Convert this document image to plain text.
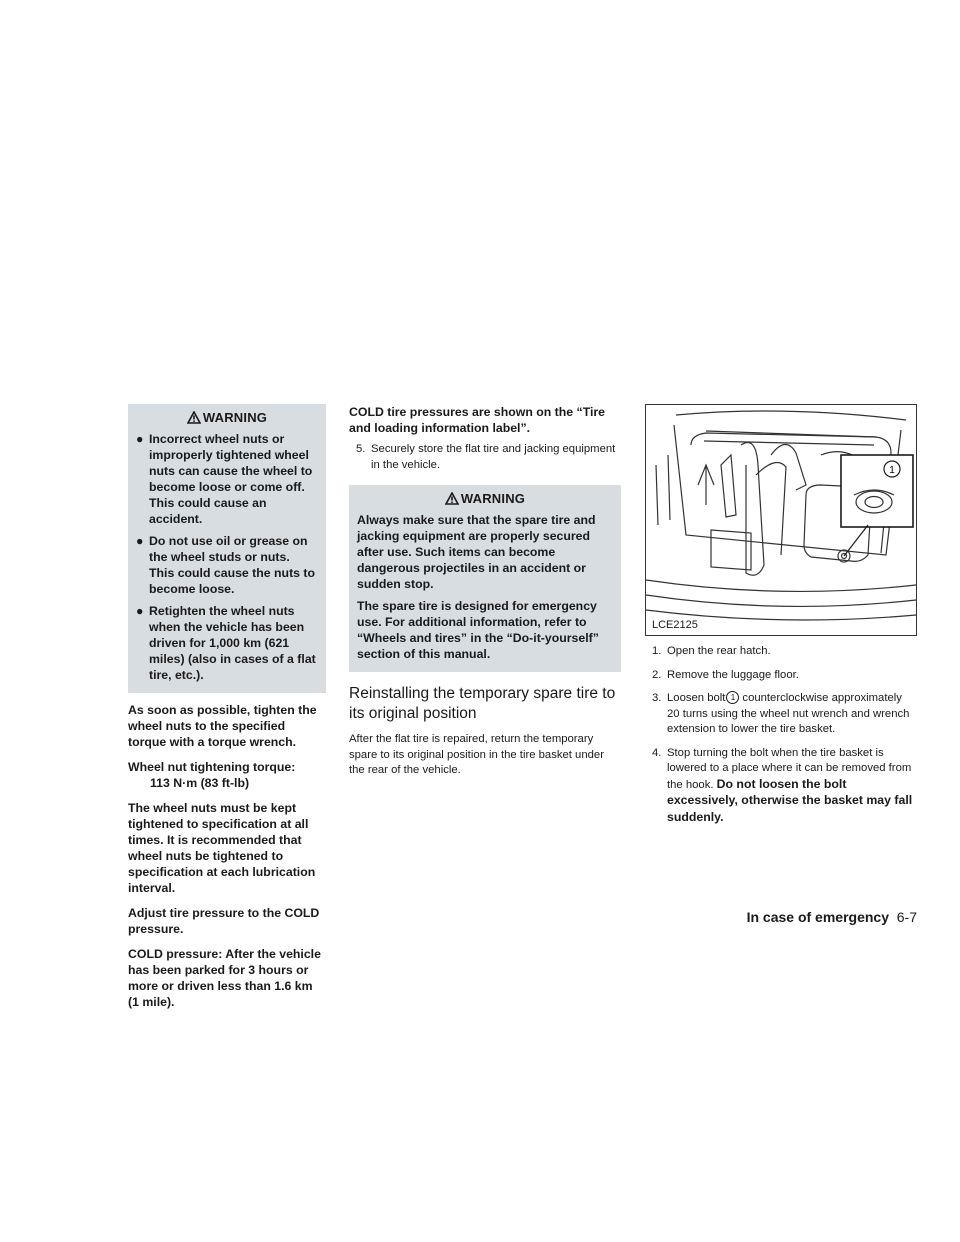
WARNING
● Incorrect wheel nuts or improperly tightened wheel nuts can cause the wheel to become loose or come off. This could cause an accident.
● Do not use oil or grease on the wheel studs or nuts. This could cause the nuts to become loose.
● Retighten the wheel nuts when the vehicle has been driven for 1,000 km (621 miles) (also in cases of a flat tire, etc.).

As soon as possible, tighten the wheel nuts to the specified torque with a torque wrench.

Wheel nut tightening torque:

113 N·m (83 ft-lb)

The wheel nuts must be kept tightened to specification at all times. It is recommended that wheel nuts be tightened to specification at each lubrication interval.

Adjust tire pressure to the COLD pressure.

COLD pressure: After the vehicle has been parked for 3 hours or more or driven less than 1.6 km (1 mile).

COLD tire pressures are shown on the “Tire and loading information label”.

5. Securely store the flat tire and jacking equipment in the vehicle.
WARNING

Always make sure that the spare tire and jacking equipment are properly secured after use. Such items can become dangerous projectiles in an accident or sudden stop.

The spare tire is designed for emergency use. For additional information, refer to “Wheels and tires” in the “Do-it-yourself” section of this manual.

Reinstalling the temporary spare tire to its original position

After the flat tire is repaired, return the temporary spare to its original position in the tire basket under the rear of the vehicle.

1
LCE2125
1. Open the rear hatch.
2. Remove the luggage floor.
3. Loosen bolt 1 counterclockwise approximately 20 turns using the wheel nut wrench and wrench extension to lower the tire basket.
4. Stop turning the bolt when the tire basket is lowered to a place where it can be removed from the hook. Do not loosen the bolt excessively, otherwise the basket may fall suddenly.
In case of emergency 6-7
